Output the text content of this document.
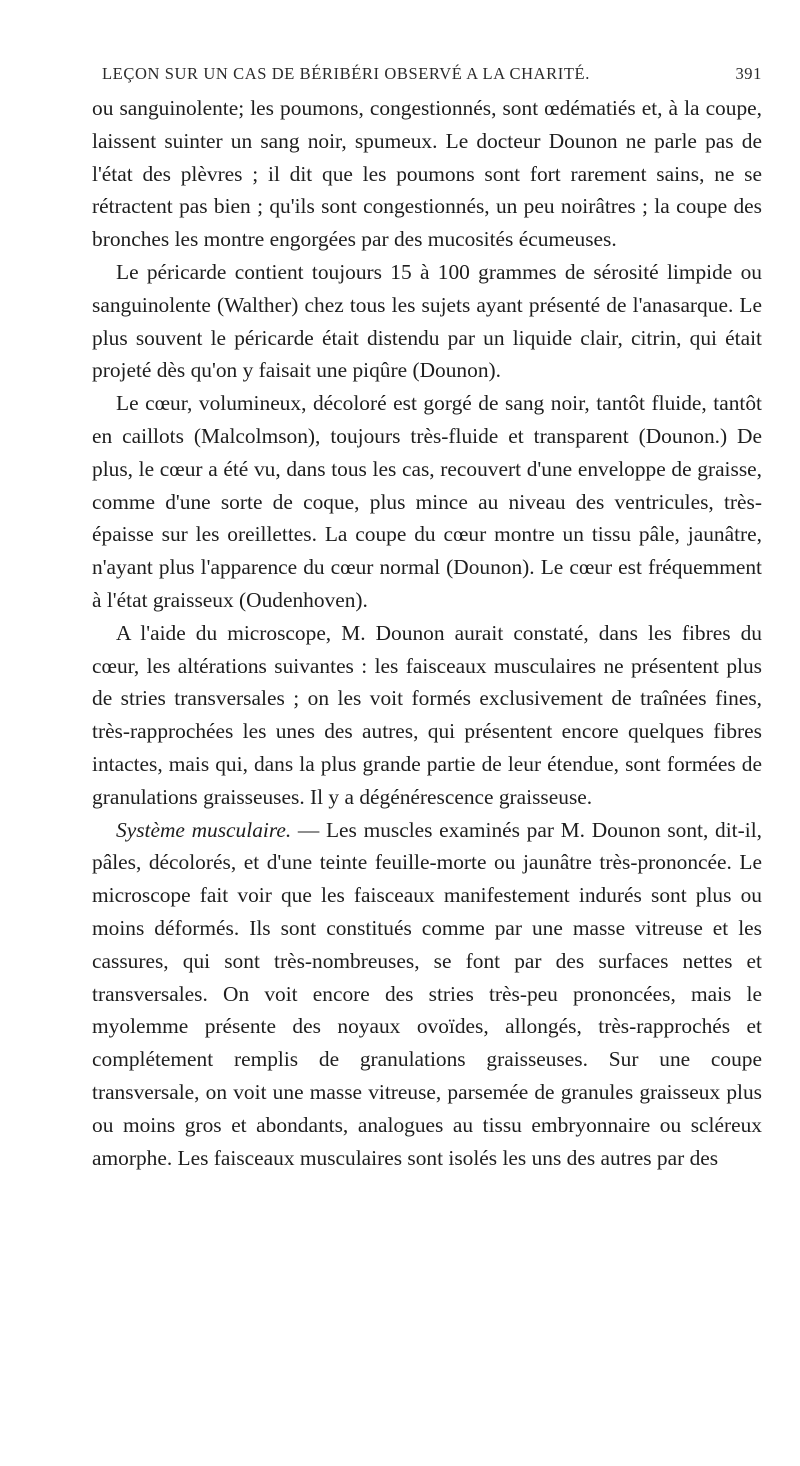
LEÇON SUR UN CAS DE BÉRIBÉRI OBSERVÉ A LA CHARITÉ.	391

ou sanguinolente; les poumons, congestionnés, sont œdématiés et, à la coupe, laissent suinter un sang noir, spumeux. Le docteur Dounon ne parle pas de l'état des plèvres ; il dit que les poumons sont fort rarement sains, ne se rétractent pas bien ; qu'ils sont congestionnés, un peu noirâtres ; la coupe des bronches les montre engorgées par des mucosités écumeuses.

Le péricarde contient toujours 15 à 100 grammes de sérosité limpide ou sanguinolente (Walther) chez tous les sujets ayant présenté de l'anasarque. Le plus souvent le péricarde était distendu par un liquide clair, citrin, qui était projeté dès qu'on y faisait une piqûre (Dounon).

Le cœur, volumineux, décoloré est gorgé de sang noir, tantôt fluide, tantôt en caillots (Malcolmson), toujours très-fluide et transparent (Dounon.) De plus, le cœur a été vu, dans tous les cas, recouvert d'une enveloppe de graisse, comme d'une sorte de coque, plus mince au niveau des ventricules, très-épaisse sur les oreillettes. La coupe du cœur montre un tissu pâle, jaunâtre, n'ayant plus l'apparence du cœur normal (Dounon). Le cœur est fréquemment à l'état graisseux (Oudenhoven).

A l'aide du microscope, M. Dounon aurait constaté, dans les fibres du cœur, les altérations suivantes : les faisceaux musculaires ne présentent plus de stries transversales ; on les voit formés exclusivement de traînées fines, très-rapprochées les unes des autres, qui présentent encore quelques fibres intactes, mais qui, dans la plus grande partie de leur étendue, sont formées de granulations graisseuses. Il y a dégénérescence graisseuse.

Système musculaire. — Les muscles examinés par M. Dounon sont, dit-il, pâles, décolorés, et d'une teinte feuille-morte ou jaunâtre très-prononcée. Le microscope fait voir que les faisceaux manifestement indurés sont plus ou moins déformés. Ils sont constitués comme par une masse vitreuse et les cassures, qui sont très-nombreuses, se font par des surfaces nettes et transversales. On voit encore des stries très-peu prononcées, mais le myolemme présente des noyaux ovoïdes, allongés, très-rapprochés et complétement remplis de granulations graisseuses. Sur une coupe transversale, on voit une masse vitreuse, parsemée de granules graisseux plus ou moins gros et abondants, analogues au tissu embryonnaire ou scléreux amorphe. Les faisceaux musculaires sont isolés les uns des autres par des
